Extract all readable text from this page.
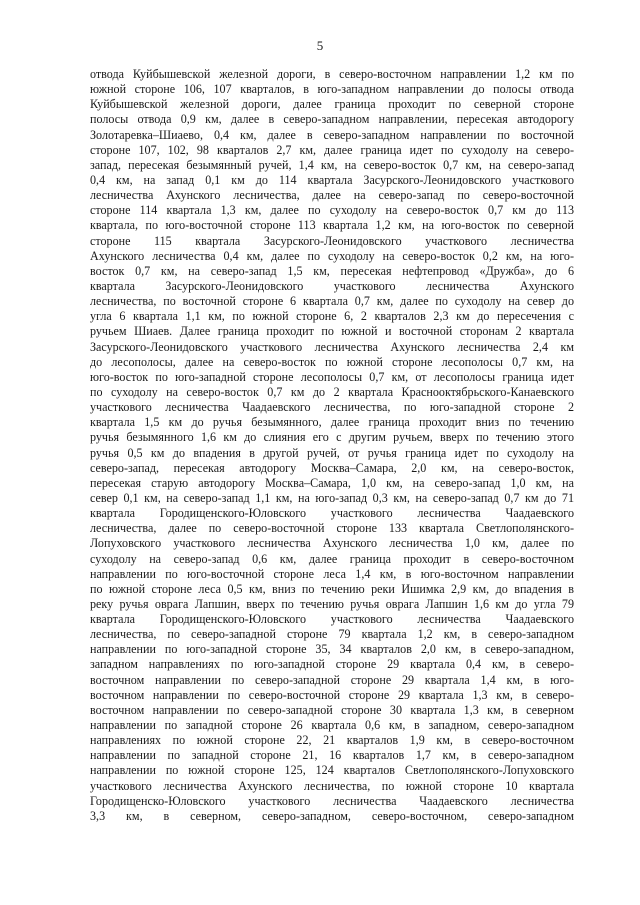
5
отвода Куйбышевской железной дороги, в северо-восточном направлении 1,2 км по
южной стороне 106, 107 кварталов, в юго-западном направлении до полосы отвода
Куйбышевской железной дороги, далее граница проходит по северной стороне
полосы отвода 0,9 км, далее в северо-западном направлении, пересекая автодорогу
Золотаревка–Шиаево, 0,4 км, далее в северо-западном направлении по восточной
стороне 107, 102, 98 кварталов 2,7 км, далее граница идет по суходолу на северо-
запад, пересекая безымянный ручей, 1,4 км, на северо-восток 0,7 км, на северо-запад
0,4 км, на запад 0,1 км до 114 квартала Засурского-Леонидовского участкового
лесничества Ахунского лесничества, далее на северо-запад по северо-восточной
стороне 114 квартала 1,3 км, далее по суходолу на северо-восток 0,7 км до 113
квартала, по юго-восточной стороне 113 квартала 1,2 км, на юго-восток по северной
стороне 115 квартала Засурского-Леонидовского участкового лесничества
Ахунского лесничества 0,4 км, далее по суходолу на северо-восток 0,2 км, на юго-
восток 0,7 км, на северо-запад 1,5 км, пересекая нефтепровод «Дружба», до 6
квартала Засурского-Леонидовского участкового лесничества Ахунского
лесничества, по восточной стороне 6 квартала 0,7 км, далее по суходолу на север до
угла 6 квартала 1,1 км, по южной стороне 6, 2 кварталов 2,3 км до пересечения с
ручьем Шиаев. Далее граница проходит по южной и восточной сторонам 2 квартала
Засурского-Леонидовского участкового лесничества Ахунского лесничества 2,4 км
до лесополосы, далее на северо-восток по южной стороне лесополосы 0,7 км, на
юго-восток по юго-западной стороне лесополосы 0,7 км, от лесополосы граница идет
по суходолу на северо-восток 0,7 км до 2 квартала Краснооктябрьского-Канаевского
участкового лесничества Чаадаевского лесничества, по юго-западной стороне 2
квартала 1,5 км до ручья безымянного, далее граница проходит вниз по течению
ручья безымянного 1,6 км до слияния его с другим ручьем, вверх по течению этого
ручья 0,5 км до впадения в другой ручей, от ручья граница идет по суходолу на
северо-запад, пересекая автодорогу Москва–Самара, 2,0 км, на северо-восток,
пересекая старую автодорогу Москва–Самара, 1,0 км, на северо-запад 1,0 км, на
север 0,1 км, на северо-запад 1,1 км, на юго-запад 0,3 км, на северо-запад 0,7 км до 71
квартала Городищенского-Юловского участкового лесничества Чаадаевского
лесничества, далее по северо-восточной стороне 133 квартала Светлополянского-
Лопуховского участкового лесничества Ахунского лесничества 1,0 км, далее по
суходолу на северо-запад 0,6 км, далее граница проходит в северо-восточном
направлении по юго-восточной стороне леса 1,4 км, в юго-восточном направлении
по южной стороне леса 0,5 км, вниз по течению реки Ишимка 2,9 км, до впадения в
реку ручья оврага Лапшин, вверх по течению ручья оврага Лапшин 1,6 км до угла 79
квартала Городищенского-Юловского участкового лесничества Чаадаевского
лесничества, по северо-западной стороне 79 квартала 1,2 км, в северо-западном
направлении по юго-западной стороне 35, 34 кварталов 2,0 км, в северо-западном,
западном направлениях по юго-западной стороне 29 квартала 0,4 км, в северо-
восточном направлении по северо-западной стороне 29 квартала 1,4 км, в юго-
восточном направлении по северо-восточной стороне 29 квартала 1,3 км, в северо-
восточном направлении по северо-западной стороне 30 квартала 1,3 км, в северном
направлении по западной стороне 26 квартала 0,6 км, в западном, северо-западном
направлениях по южной стороне 22, 21 кварталов 1,9 км, в северо-восточном
направлении по западной стороне 21, 16 кварталов 1,7 км, в северо-западном
направлении по южной стороне 125, 124 кварталов Светлополянского-Лопуховского
участкового лесничества Ахунского лесничества, по южной стороне 10 квартала
Городищенско-Юловского участкового лесничества Чаадаевского лесничества
3,3 км, в северном, северо-западном, северо-восточном, северо-западном
